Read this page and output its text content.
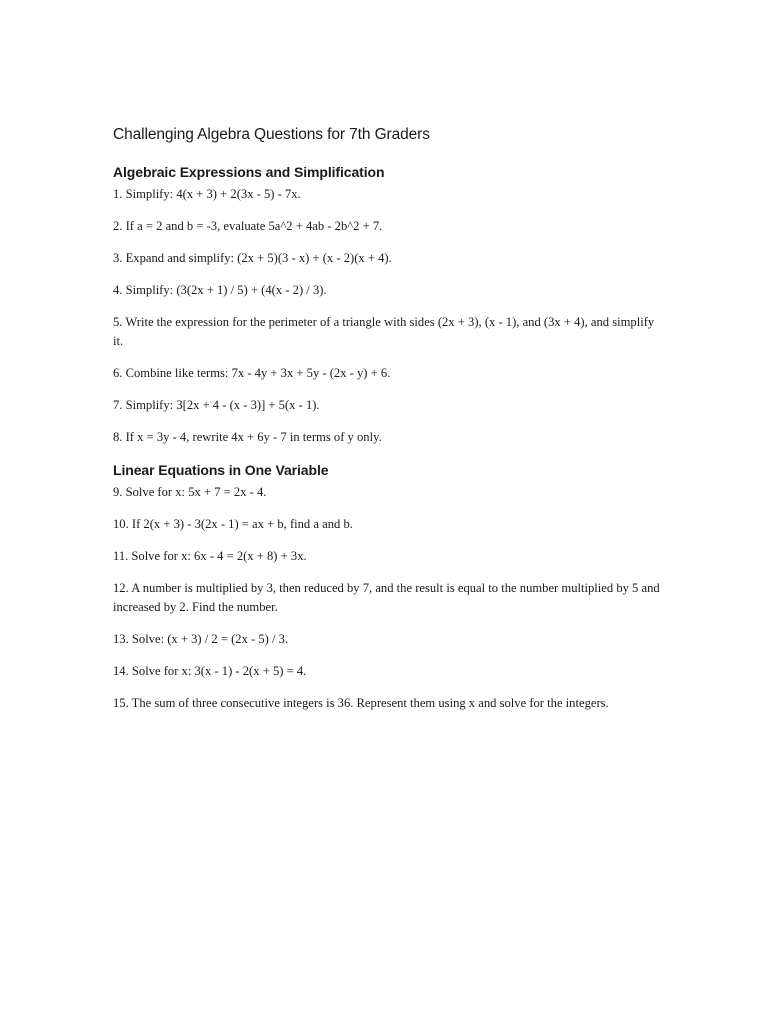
Challenging Algebra Questions for 7th Graders
Algebraic Expressions and Simplification

1. Simplify: 4(x + 3) + 2(3x - 5) - 7x.

2. If a = 2 and b = -3, evaluate 5a^2 + 4ab - 2b^2 + 7.

3. Expand and simplify: (2x + 5)(3 - x) + (x - 2)(x + 4).

4. Simplify: (3(2x + 1) / 5) + (4(x - 2) / 3).

5. Write the expression for the perimeter of a triangle with sides (2x + 3), (x - 1), and (3x + 4), and simplify it.

6. Combine like terms: 7x - 4y + 3x + 5y - (2x - y) + 6.

7. Simplify: 3[2x + 4 - (x - 3)] + 5(x - 1).

8. If x = 3y - 4, rewrite 4x + 6y - 7 in terms of y only.

Linear Equations in One Variable

9. Solve for x: 5x + 7 = 2x - 4.

10. If 2(x + 3) - 3(2x - 1) = ax + b, find a and b.

11. Solve for x: 6x - 4 = 2(x + 8) + 3x.

12. A number is multiplied by 3, then reduced by 7, and the result is equal to the number multiplied by 5 and increased by 2. Find the number.

13. Solve: (x + 3) / 2 = (2x - 5) / 3.

14. Solve for x: 3(x - 1) - 2(x + 5) = 4.

15. The sum of three consecutive integers is 36. Represent them using x and solve for the integers.
